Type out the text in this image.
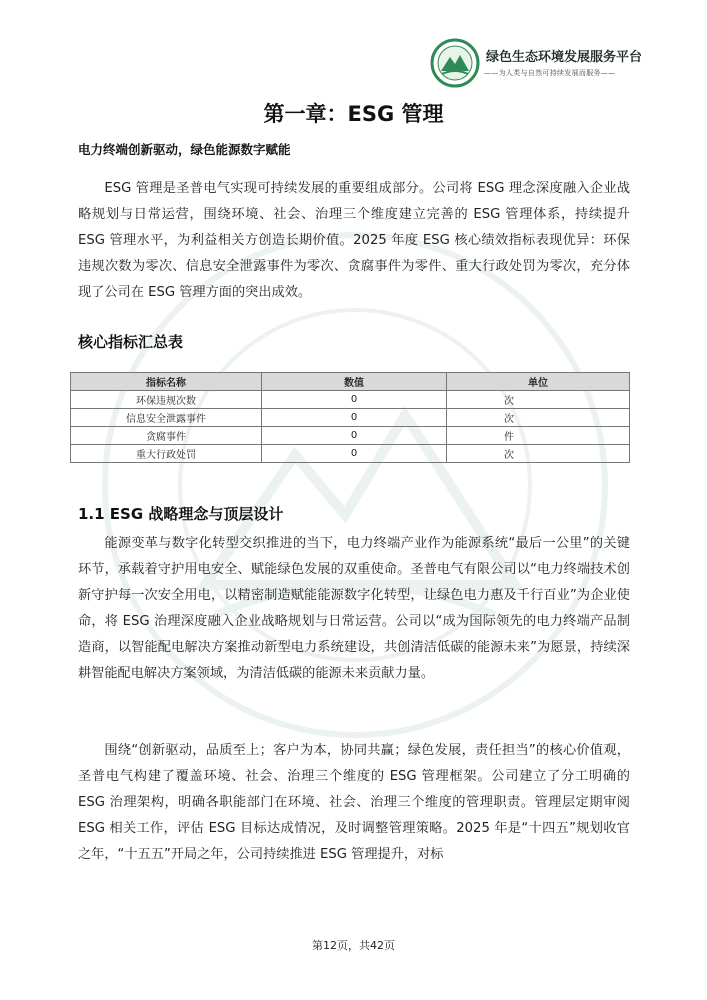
绿色生态环境发展服务平台
——为人类与自然可持续发展而服务——
第一章：ESG 管理
电力终端创新驱动，绿色能源数字赋能

ESG 管理是圣普电气实现可持续发展的重要组成部分。公司将 ESG 理念深度融入企业战略规划与日常运营，围绕环境、社会、治理三个维度建立完善的 ESG 管理体系，持续提升 ESG 管理水平，为利益相关方创造长期价值。2025 年度 ESG 核心绩效指标表现优异：环保违规次数为零次、信息安全泄露事件为零次、贪腐事件为零件、重大行政处罚为零次，充分体现了公司在 ESG 管理方面的突出成效。

核心指标汇总表
指标名称	数值	单位
环保违规次数	0	次
信息安全泄露事件	0	次
贪腐事件	0	件
重大行政处罚	0	次
1.1 ESG 战略理念与顶层设计

能源变革与数字化转型交织推进的当下，电力终端产业作为能源系统“最后一公里”的关键环节，承载着守护用电安全、赋能绿色发展的双重使命。圣普电气有限公司以“电力终端技术创新守护每一次安全用电，以精密制造赋能能源数字化转型，让绿色电力惠及千行百业”为企业使命，将 ESG 治理深度融入企业战略规划与日常运营。公司以“成为国际领先的电力终端产品制造商，以智能配电解决方案推动新型电力系统建设，共创清洁低碳的能源未来”为愿景，持续深耕智能配电解决方案领域，为清洁低碳的能源未来贡献力量。

围绕“创新驱动，品质至上；客户为本，协同共赢；绿色发展，责任担当”的核心价值观，圣普电气构建了覆盖环境、社会、治理三个维度的 ESG 管理框架。公司建立了分工明确的 ESG 治理架构，明确各职能部门在环境、社会、治理三个维度的管理职责。管理层定期审阅 ESG 相关工作，评估 ESG 目标达成情况，及时调整管理策略。2025 年是“十四五”规划收官之年，“十五五”开局之年，公司持续推进 ESG 管理提升，对标

第12页，共42页
